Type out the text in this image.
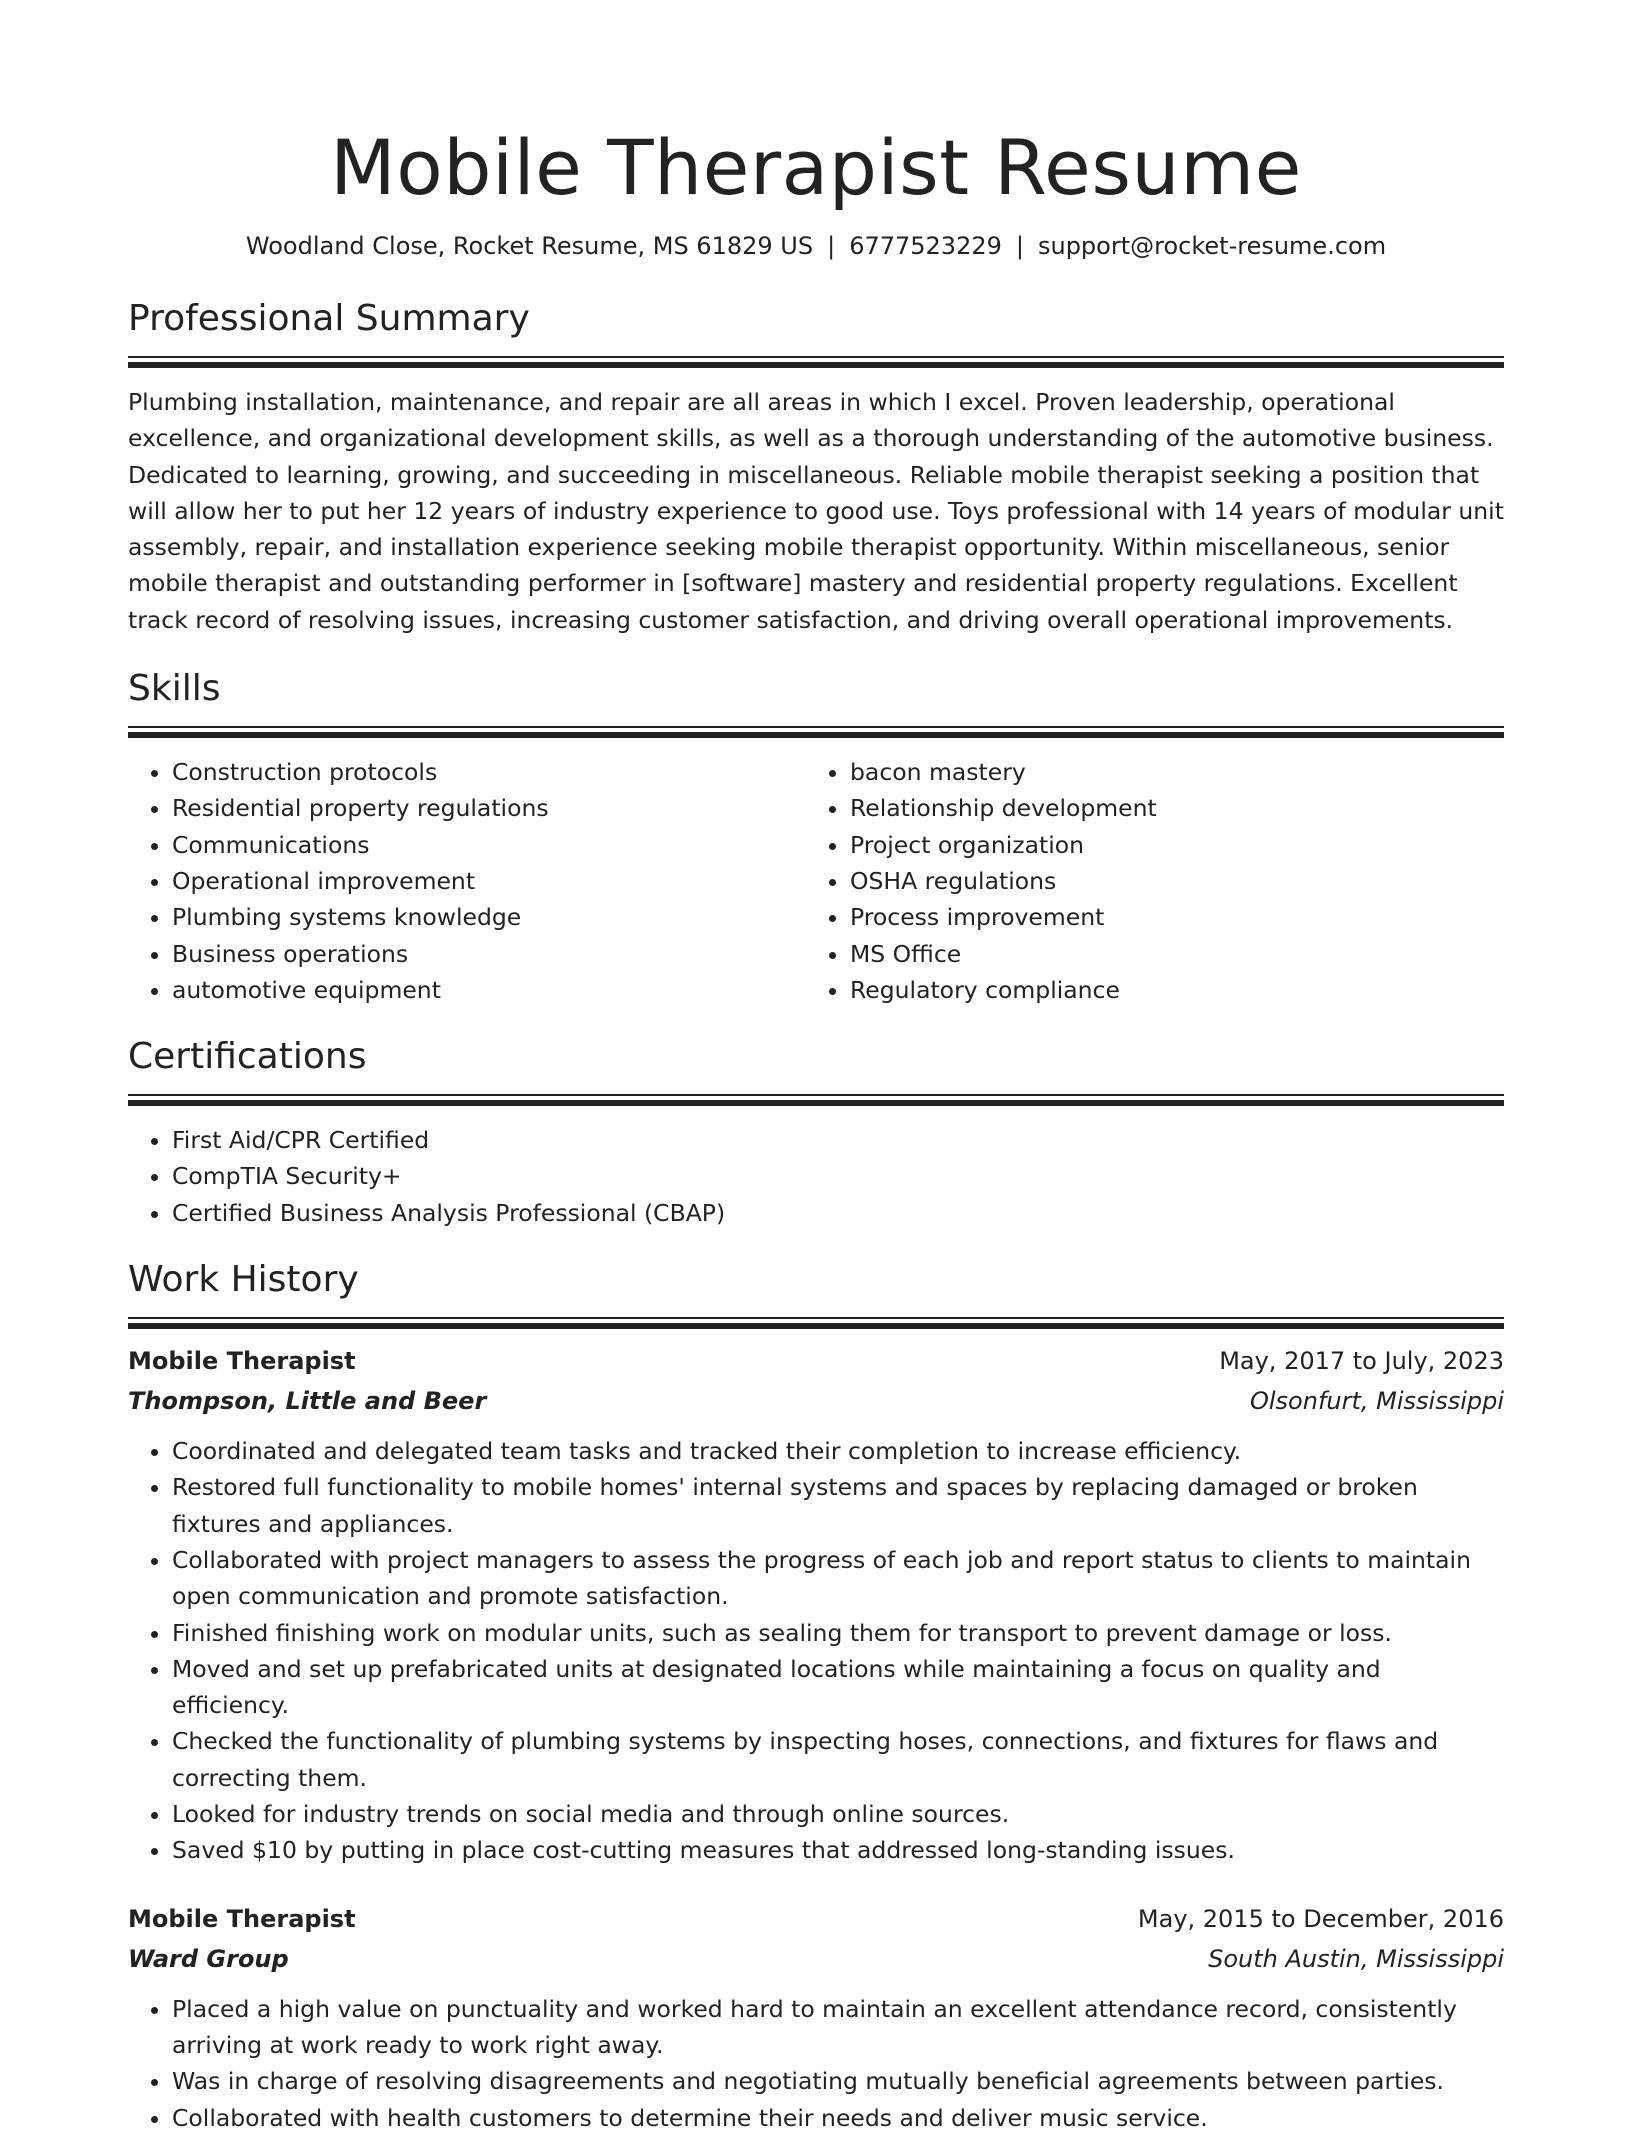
Mobile Therapist Resume
Woodland Close, Rocket Resume, MS 61829 US | 6777523229 | support@rocket-resume.com
Professional Summary

Plumbing installation, maintenance, and repair are all areas in which I excel. Proven leadership, operational excellence, and organizational development skills, as well as a thorough understanding of the automotive business. Dedicated to learning, growing, and succeeding in miscellaneous. Reliable mobile therapist seeking a position that will allow her to put her 12 years of industry experience to good use. Toys professional with 14 years of modular unit assembly, repair, and installation experience seeking mobile therapist opportunity. Within miscellaneous, senior mobile therapist and outstanding performer in [software] mastery and residential property regulations. Excellent track record of resolving issues, increasing customer satisfaction, and driving overall operational improvements.

Skills
• Construction protocols
• Residential property regulations
• Communications
• Operational improvement
• Plumbing systems knowledge
• Business operations
• automotive equipment
• bacon mastery
• Relationship development
• Project organization
• OSHA regulations
• Process improvement
• MS Office
• Regulatory compliance
Certifications
• First Aid/CPR Certified
• CompTIA Security+
• Certified Business Analysis Professional (CBAP)
Work History
Mobile Therapist	May, 2017 to July, 2023
Thompson, Little and Beer	Olsonfurt, Mississippi
• Coordinated and delegated team tasks and tracked their completion to increase efficiency.
• Restored full functionality to mobile homes' internal systems and spaces by replacing damaged or broken fixtures and appliances.
• Collaborated with project managers to assess the progress of each job and report status to clients to maintain open communication and promote satisfaction.
• Finished finishing work on modular units, such as sealing them for transport to prevent damage or loss.
• Moved and set up prefabricated units at designated locations while maintaining a focus on quality and efficiency.
• Checked the functionality of plumbing systems by inspecting hoses, connections, and fixtures for flaws and correcting them.
• Looked for industry trends on social media and through online sources.
• Saved $10 by putting in place cost-cutting measures that addressed long-standing issues.
Mobile Therapist	May, 2015 to December, 2016
Ward Group	South Austin, Mississippi
• Placed a high value on punctuality and worked hard to maintain an excellent attendance record, consistently arriving at work ready to work right away.
• Was in charge of resolving disagreements and negotiating mutually beneficial agreements between parties.
• Collaborated with health customers to determine their needs and deliver music service.
